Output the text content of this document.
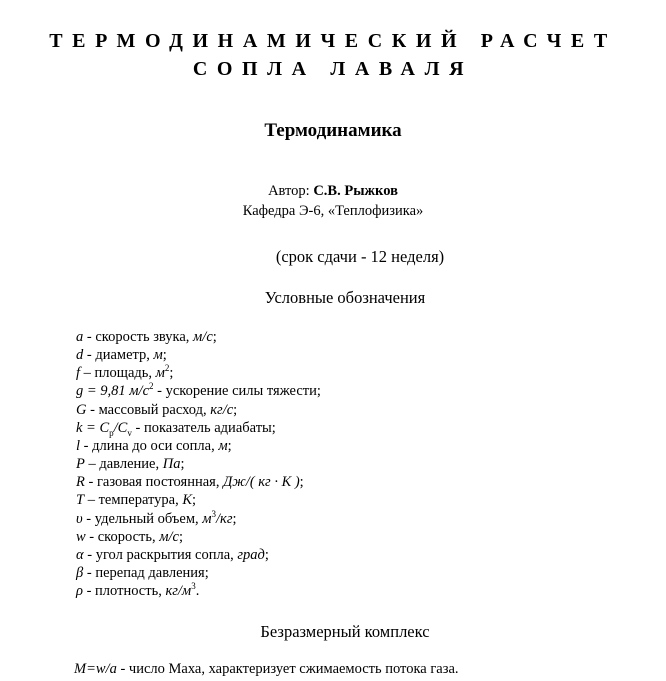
ТЕРМОДИНАМИЧЕСКИЙ РАСЧЕТ
СОПЛА ЛАВАЛЯ
Термодинамика
Автор: С.В. Рыжков
Кафедра Э-6, «Теплофизика»
(срок сдачи - 12 неделя)
Условные обозначения
a - скорость звука, м/с;
d - диаметр, м;
f – площадь, $м^2$;
g = 9,81 $м/с^2$ - ускорение силы тяжести;
G - массовый расход, кг/с;
$k = C_p/C_v$ - показатель адиабаты;
l - длина до оси сопла, м;
P – давление, Па;
R - газовая постоянная, Дж/( кг · К );
T – температура, К;
υ - удельный объем, $м^3/кг$;
w - скорость, м/с;
α - угол раскрытия сопла, град;
β - перепад давления;
ρ - плотность, $кг/м^3$.
Безразмерный комплекс
M=w/a - число Маха, характеризует сжимаемость потока газа.
